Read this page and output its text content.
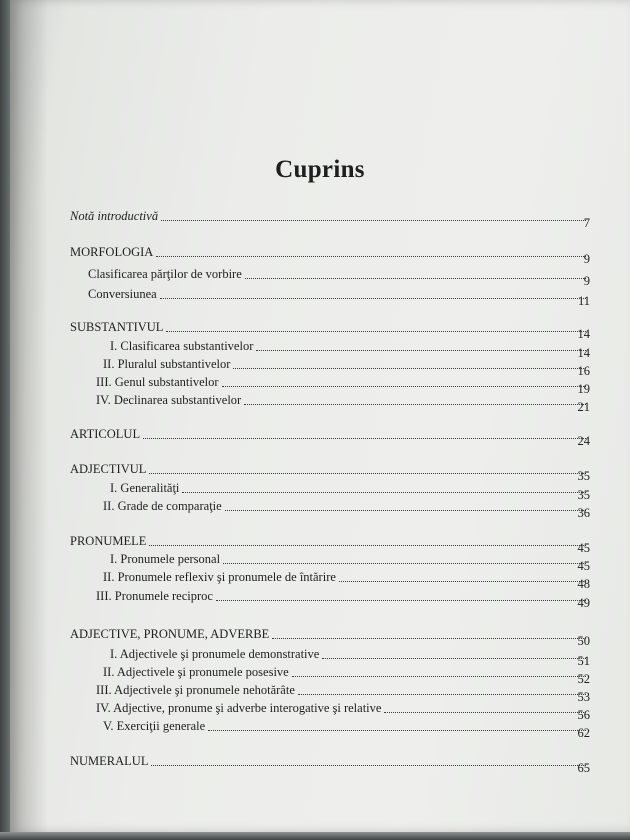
Cuprins
Notă introductivă	7
MORFOLOGIA	9
Clasificarea părţilor de vorbire	9
Conversiunea	11
SUBSTANTIVUL	14
I. Clasificarea substantivelor	14
II. Pluralul substantivelor	16
III. Genul substantivelor	19
IV. Declinarea substantivelor	21
ARTICOLUL	24
ADJECTIVUL	35
I. Generalităţi	35
II. Grade de comparaţie	36
PRONUMELE	45
I. Pronumele personal	45
II. Pronumele reflexiv şi pronumele de întărire	48
III. Pronumele reciproc	49
ADJECTIVE, PRONUME, ADVERBE	50
I. Adjectivele şi pronumele demonstrative	51
II. Adjectivele şi pronumele posesive	52
III. Adjectivele şi pronumele nehotărâte	53
IV. Adjective, pronume şi adverbe interogative şi relative	56
V. Exerciţii generale	62
NUMERALUL	65
